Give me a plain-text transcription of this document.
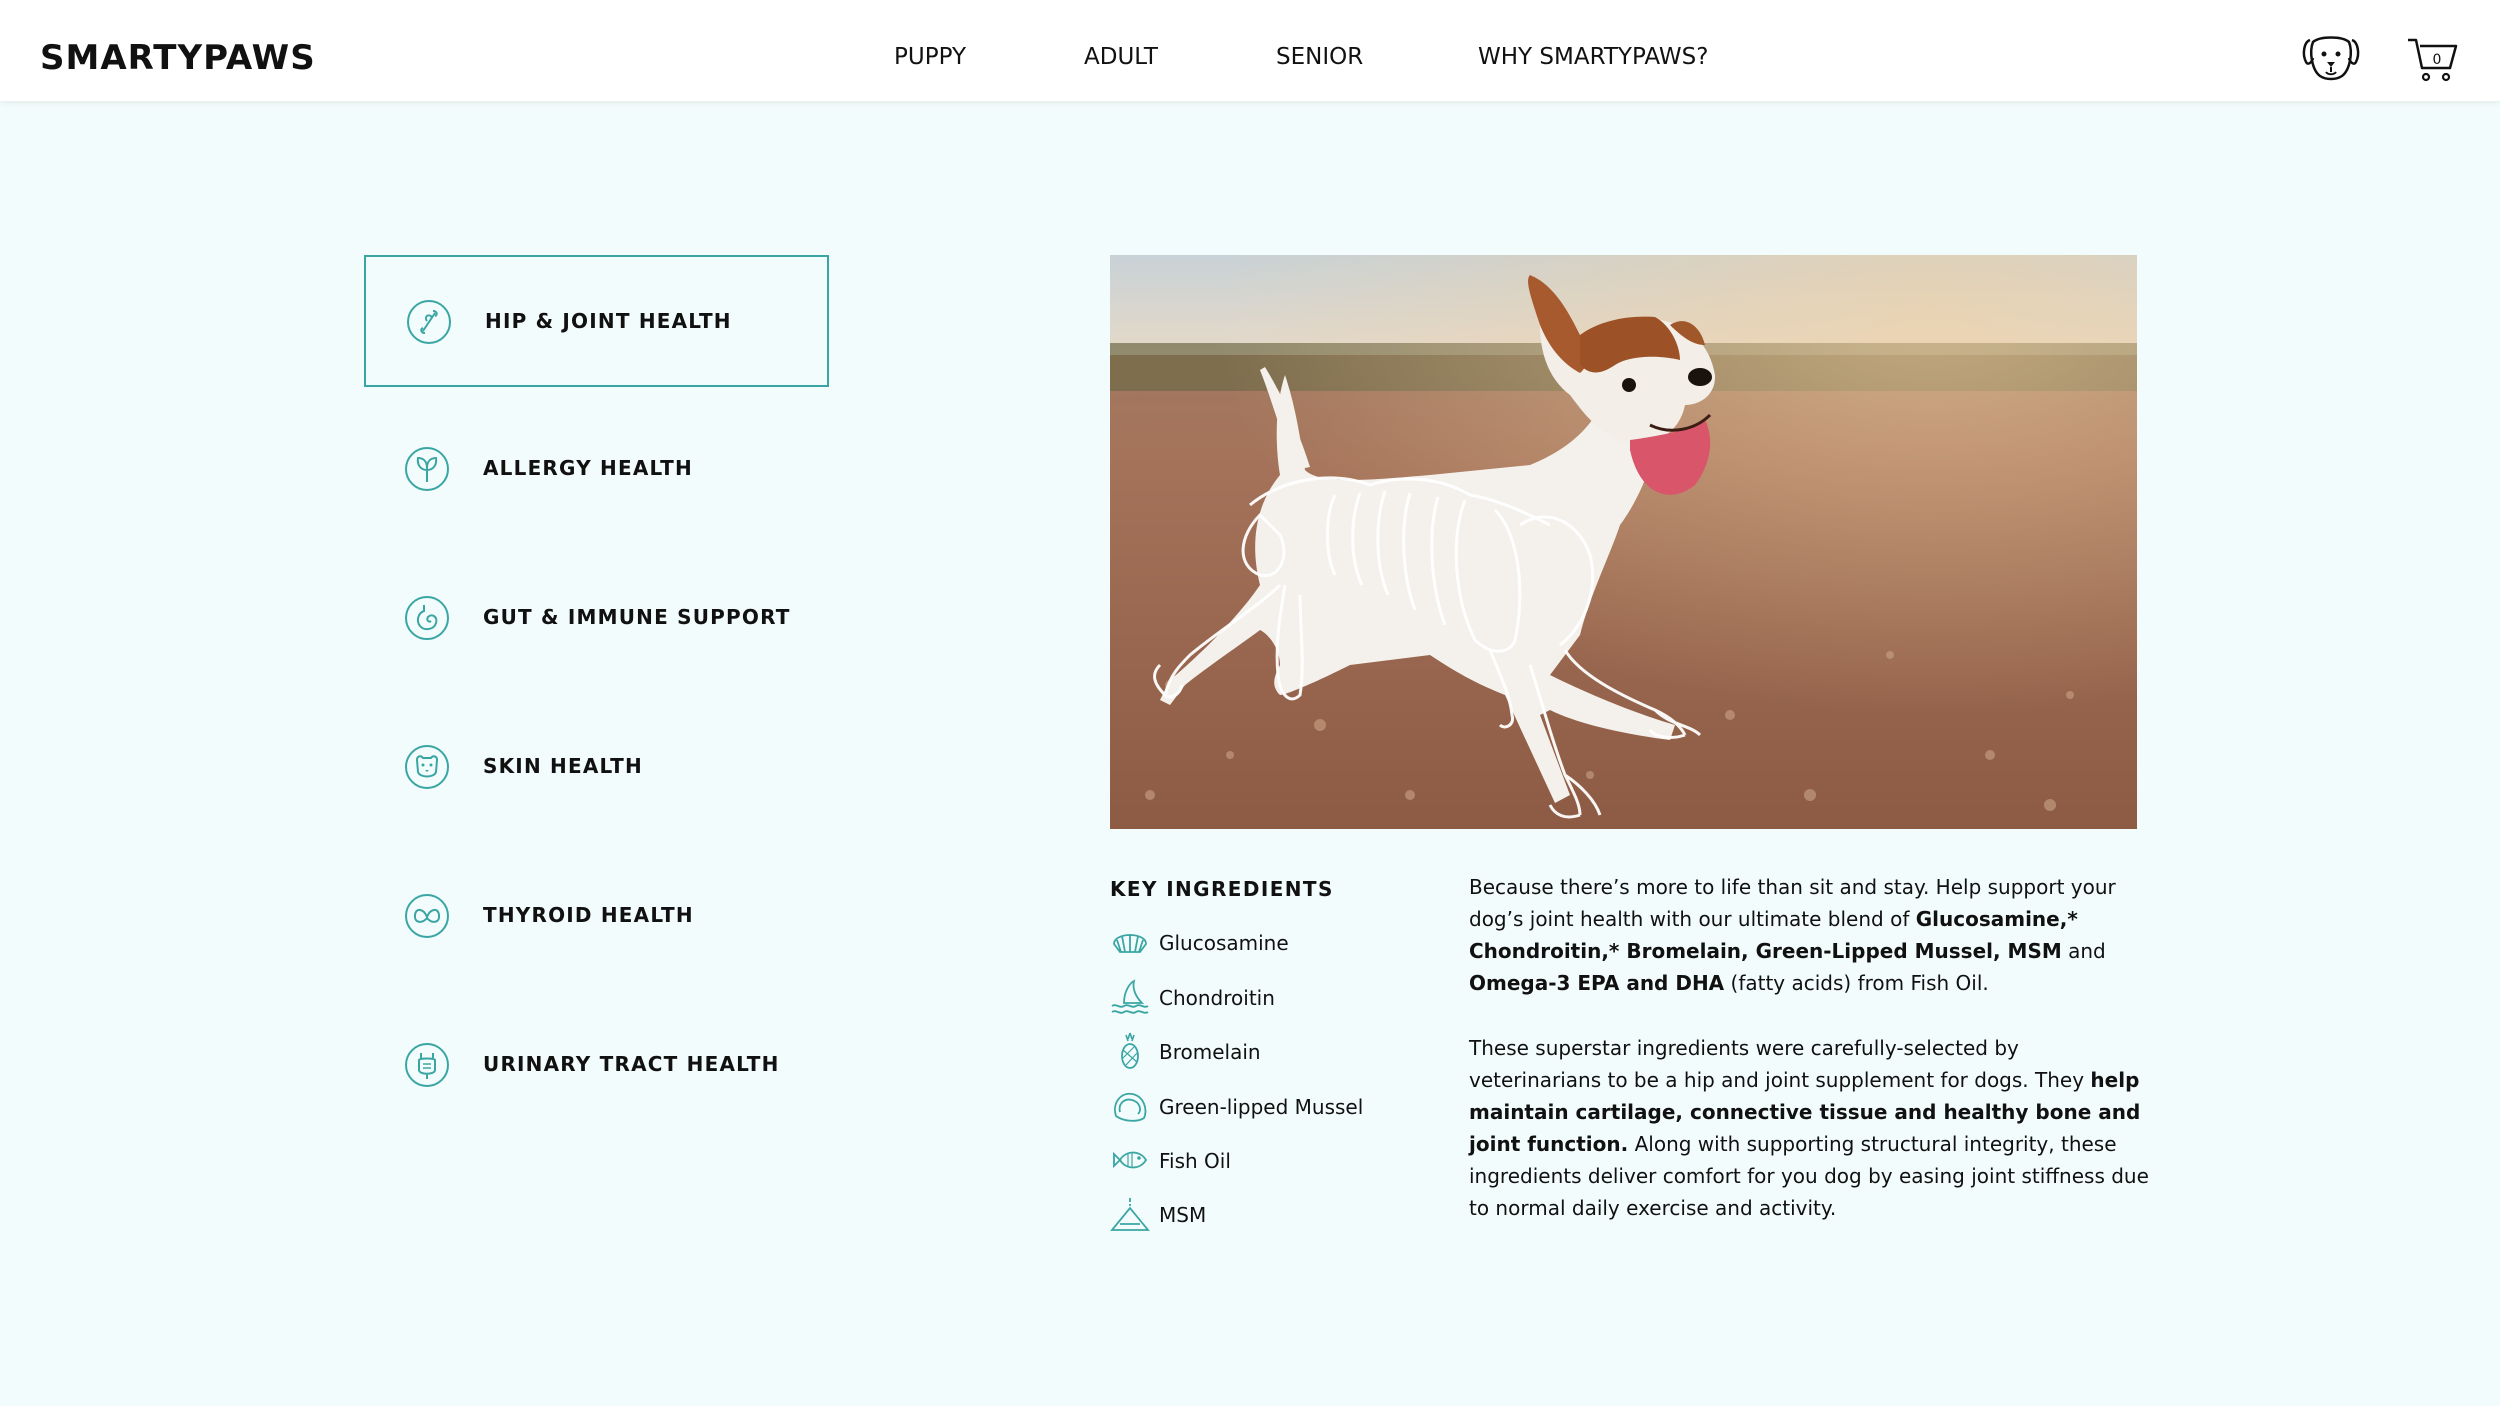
SMARTYPAWS	PUPPY	ADULT	SENIOR	WHY SMARTYPAWS?	0
HIP & JOINT HEALTH
ALLERGY HEALTH
GUT & IMMUNE SUPPORT
SKIN HEALTH
THYROID HEALTH
URINARY TRACT HEALTH
KEY INGREDIENTS
Glucosamine
Chondroitin
Bromelain
Green-lipped Mussel
Fish Oil
MSM

Because there’s more to life than sit and stay. Help support your dog’s joint health with our ultimate blend of Glucosamine,* Chondroitin,* Bromelain, Green-Lipped Mussel, MSM and Omega-3 EPA and DHA (fatty acids) from Fish Oil.

These superstar ingredients were carefully-selected by veterinarians to be a hip and joint supplement for dogs. They help maintain cartilage, connective tissue and healthy bone and joint function. Along with supporting structural integrity, these ingredients deliver comfort for you dog by easing joint stiffness due to normal daily exercise and activity.
